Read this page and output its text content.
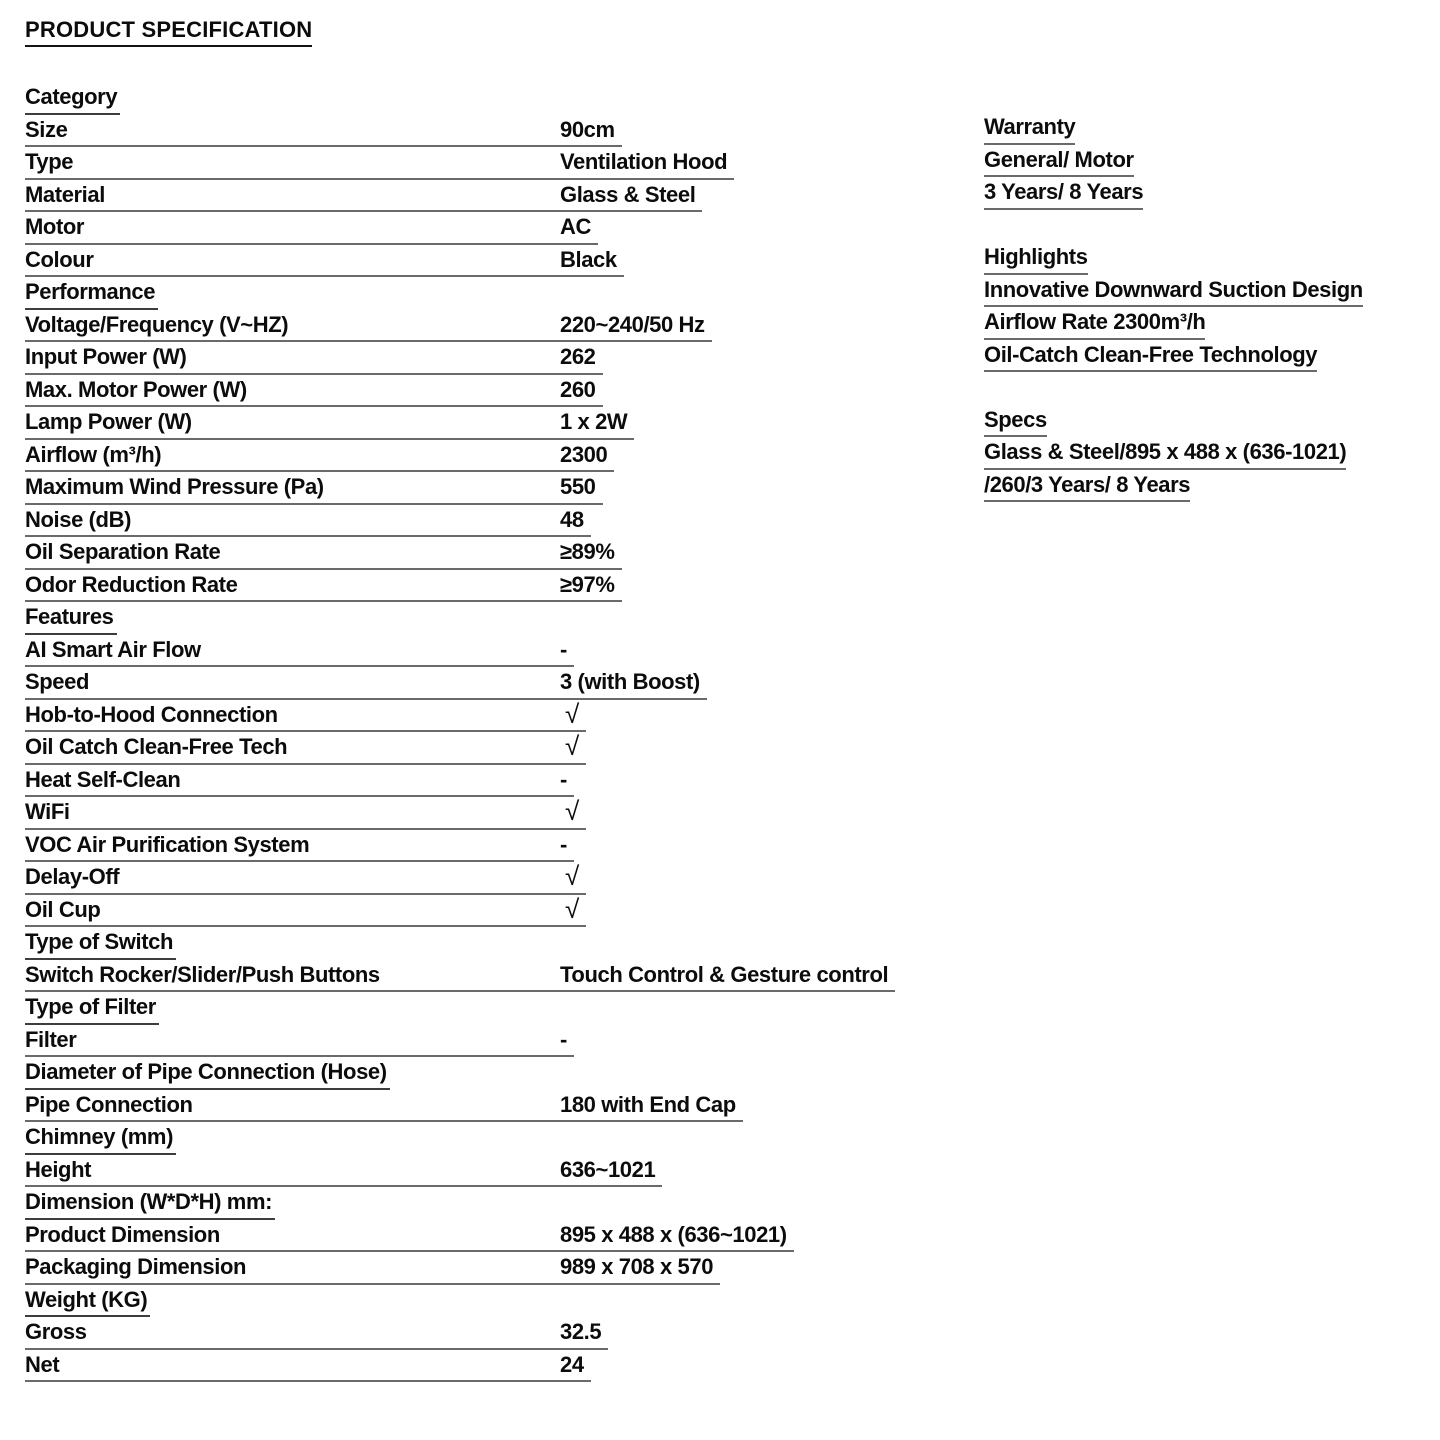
PRODUCT SPECIFICATION
Category
Size	90cm
Type	Ventilation Hood
Material	Glass & Steel
Motor	AC
Colour	Black
Performance
Voltage/Frequency (V~HZ)	220~240/50 Hz
Input Power (W)	262
Max. Motor Power (W)	260
Lamp Power (W)	1 x 2W
Airflow (m³/h)	2300
Maximum Wind Pressure (Pa)	550
Noise (dB)	48
Oil Separation Rate	≥89%
Odor Reduction Rate	≥97%
Features
AI Smart Air Flow	-
Speed	3 (with Boost)
Hob-to-Hood Connection	√
Oil Catch Clean-Free Tech	√
Heat Self-Clean	-
WiFi	√
VOC Air Purification System	-
Delay-Off	√
Oil Cup	√
Type of Switch
Switch Rocker/Slider/Push Buttons	Touch Control & Gesture control
Type of Filter
Filter	-
Diameter of Pipe Connection (Hose)
Pipe Connection	180 with End Cap
Chimney (mm)
Height	636~1021
Dimension (W*D*H) mm:
Product Dimension	895 x 488 x (636~1021)
Packaging Dimension	989 x 708 x 570
Weight (KG)
Gross	32.5
Net	24
Warranty
General/ Motor
3 Years/ 8 Years
Highlights
Innovative Downward Suction Design
Airflow Rate 2300m³/h
Oil-Catch Clean-Free Technology
Specs
Glass & Steel/895 x 488 x (636-1021)
/260/3 Years/ 8 Years
